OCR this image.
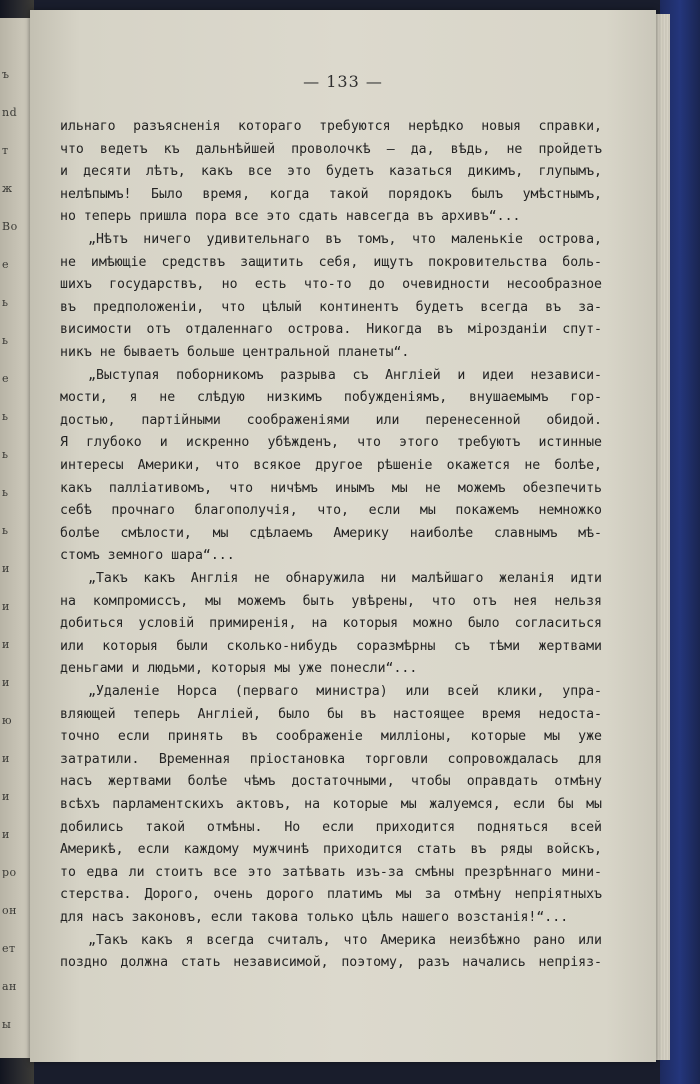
ъ
nd
т
ж
Bo
e
ь
ь
e
ь
ь
ь
ь
и
и
и
и
ю
и
и
и
ро
он
ет
ан
ы
— 133 —
ильнаго разъясненія котораго требуются нерѣдко новыя справки,
что ведетъ къ дальнѣйшей проволочкѣ — да, вѣдь, не пройдетъ
и десяти лѣтъ, какъ все это будетъ казаться дикимъ, глупымъ,
нелѣпымъ! Было время, когда такой порядокъ былъ умѣстнымъ,
но теперь пришла пора все это сдать навсегда въ архивъ“...
„Нѣтъ ничего удивительнаго въ томъ, что маленькіе острова,
не имѣющіе средствъ защитить себя, ищутъ покровительства боль-
шихъ государствъ, но есть что-то до очевидности несообразное
въ предположеніи, что цѣлый континентъ будетъ всегда въ за-
висимости отъ отдаленнаго острова. Никогда въ мірозданіи спут-
никъ не бываетъ больше центральной планеты“.
„Выступая поборникомъ разрыва съ Англіей и идеи независи-
мости, я не слѣдую низкимъ побужденіямъ, внушаемымъ гор-
достью, партійными соображеніями или перенесенной обидой.
Я глубоко и искренно убѣжденъ, что этого требуютъ истинные
интересы Америки, что всякое другое рѣшеніе окажется не болѣе,
какъ паллiативомъ, что ничѣмъ инымъ мы не можемъ обезпечить
себѣ прочнаго благополучія, что, если мы покажемъ немножко
болѣе смѣлости, мы сдѣлаемъ Америку наиболѣе славнымъ мѣ-
стомъ земного шара“...
„Такъ какъ Англія не обнаружила ни малѣйшаго желанія идти
на компромиссъ, мы можемъ быть увѣрены, что отъ нея нельзя
добиться условій примиренія, на которыя можно было согласиться
или которыя были сколько-нибудь соразмѣрны съ тѣми жертвами
деньгами и людьми, которыя мы уже понесли“...
„Удаленіе Норса (перваго министра) или всей клики, упра-
вляющей теперь Англіей, было бы въ настоящее время недоста-
точно если принять въ соображеніе милліоны, которые мы уже
затратили. Временная пріостановка торговли сопровождалась для
насъ жертвами болѣе чѣмъ достаточными, чтобы оправдать отмѣну
всѣхъ парламентскихъ актовъ, на которые мы жалуемся, если бы мы
добились такой отмѣны. Но если приходится подняться всей
Америкѣ, если каждому мужчинѣ приходится стать въ ряды войскъ,
то едва ли стоитъ все это затѣвать изъ-за смѣны презрѣннаго мини-
стерства. Дорого, очень дорого платимъ мы за отмѣну непріятныхъ
для насъ законовъ, если такова только цѣль нашего возстанія!“...
„Такъ какъ я всегда считалъ, что Америка неизбѣжно рано или
поздно должна стать независимой, поэтому, разъ начались непріяз-
